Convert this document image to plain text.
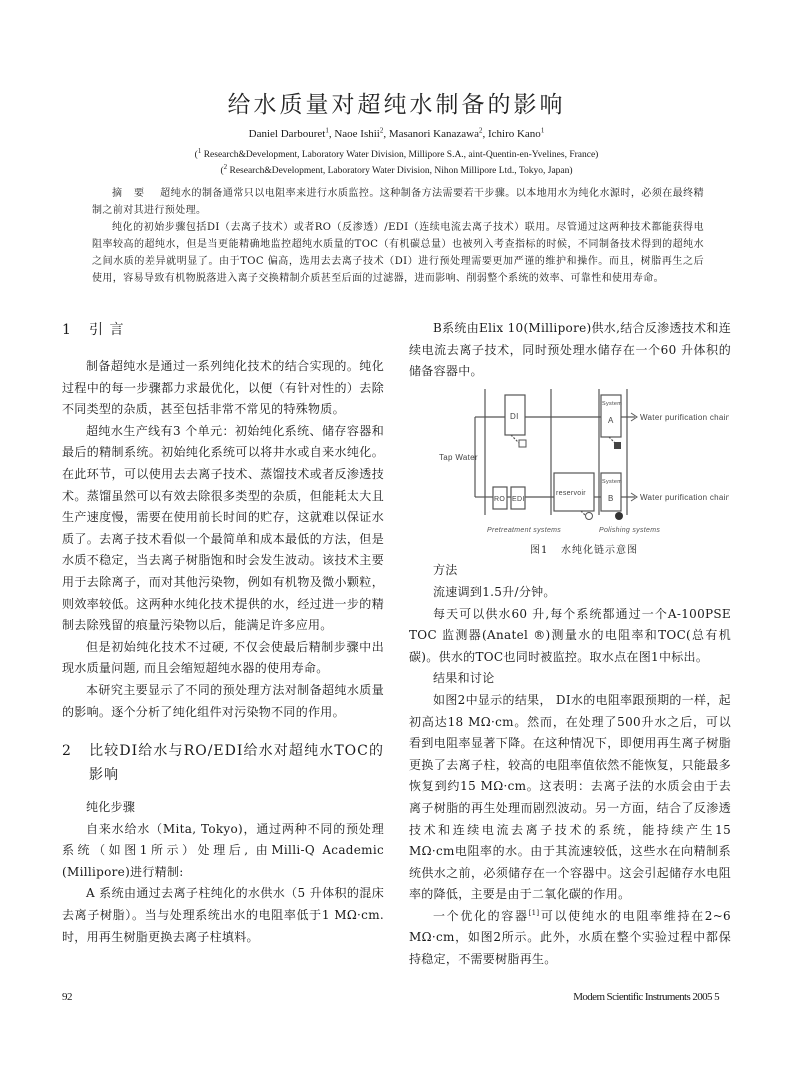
给水质量对超纯水制备的影响
Daniel Darbouret$^1$, Naoe Ishii$^2$, Masanori Kanazawa$^2$, Ichiro Kano$^1$
($^1$ Research&Development, Laboratory Water Division, Millipore S.A., aint-Quentin-en-Yvelines, France)
($^2$ Research&Development, Laboratory Water Division, Nihon Millipore Ltd., Tokyo, Japan)

摘要 超纯水的制备通常只以电阻率来进行水质监控。这种制备方法需要若干步骤。以本地用水为纯化水源时，必须在最终精制之前对其进行预处理。

纯化的初始步骤包括DI（去离子技术）或者RO（反渗透）/EDI（连续电流去离子技术）联用。尽管通过这两种技术都能获得电阻率较高的超纯水，但是当更能精确地监控超纯水质量的TOC（有机碳总量）也被列入考查指标的时候，不同制备技术得到的超纯水之间水质的差异就明显了。由于TOC 偏高，选用去去离子技术（DI）进行预处理需要更加严谨的维护和操作。而且，树脂再生之后使用，容易导致有机物脱落进入离子交换精制介质甚至后面的过滤器，进而影响、削弱整个系统的效率、可靠性和使用寿命。

1 引 言

制备超纯水是通过一系列纯化技术的结合实现的。纯化过程中的每一步骤都力求最优化，以便（有针对性的）去除不同类型的杂质，甚至包括非常不常见的特殊物质。

超纯水生产线有3 个单元：初始纯化系统、储存容器和最后的精制系统。初始纯化系统可以将井水或自来水纯化。在此环节，可以使用去去离子技术、蒸馏技术或者反渗透技术。蒸馏虽然可以有效去除很多类型的杂质，但能耗太大且生产速度慢，需要在使用前长时间的贮存，这就难以保证水质了。去离子技术看似一个最简单和成本最低的方法，但是水质不稳定，当去离子树脂饱和时会发生波动。该技术主要用于去除离子，而对其他污染物，例如有机物及微小颗粒，则效率较低。这两种水纯化技术提供的水，经过进一步的精制去除残留的痕量污染物以后，能满足许多应用。

但是初始纯化技术不过硬, 不仅会使最后精制步骤中出现水质量问题, 而且会缩短超纯水器的使用寿命。

本研究主要显示了不同的预处理方法对制备超纯水质量的影响。逐个分析了纯化组件对污染物不同的作用。

2 比较DI给水与RO/EDI给水对超纯水TOC的影响

纯化步骤

自来水给水（Mita, Tokyo)，通过两种不同的预处理系统（如图1所示）处理后, 由Milli-Q Academic (Millipore)进行精制:

A 系统由通过去离子柱纯化的水供水（5 升体积的混床去离子树脂）。当与处理系统出水的电阻率低于1 MΩ·cm.时，用再生树脂更换去离子柱填料。

B系统由Elix 10(Millipore)供水,结合反渗透技术和连续电流去离子技术，同时预处理水储存在一个60 升体积的储备容器中。

Tap Water
DI
RO EDI
reservoir
System
A
System
B
Water purification chain
Water purification chain
Pretreatment systems	Polishing systems
图1 水纯化链示意图

方法

流速调到1.5升/分钟。

每天可以供水60 升,每个系统都通过一个A-100PSE TOC 监测器(Anatel ®)测量水的电阻率和TOC(总有机碳)。供水的TOC也同时被监控。取水点在图1中标出。

结果和讨论

如图2中显示的结果， DI水的电阻率跟预期的一样，起初高达18 MΩ·cm。然而，在处理了500升水之后，可以看到电阻率显著下降。在这种情况下，即便用再生离子树脂更换了去离子柱，较高的电阻率值依然不能恢复，只能最多恢复到约15 MΩ·cm。这表明：去离子法的水质会由于去离子树脂的再生处理而剧烈波动。另一方面，结合了反渗透技术和连续电流去离子技术的系统，能持续产生15 MΩ·cm电阻率的水。由于其流速较低，这些水在向精制系统供水之前，必须储存在一个容器中。这会引起储存水电阻率的降低，主要是由于二氧化碳的作用。

一个优化的容器[1]可以使纯水的电阻率维持在2~6 MΩ·cm，如图2所示。此外，水质在整个实验过程中都保持稳定，不需要树脂再生。

92	Modem Scientific Instruments 2005 5
